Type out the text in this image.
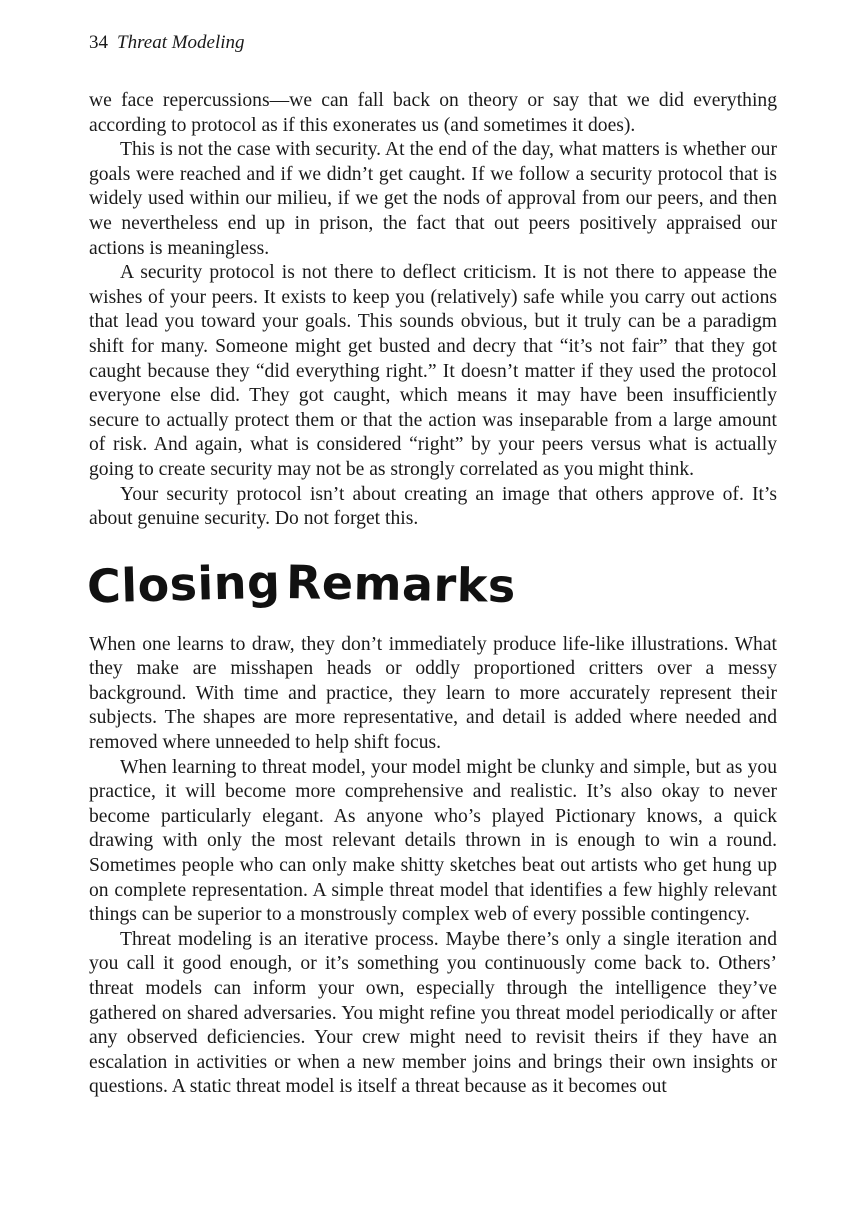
34 Threat Modeling

we face repercussions—we can fall back on theory or say that we did everything according to protocol as if this exonerates us (and sometimes it does).

This is not the case with security. At the end of the day, what matters is whether our goals were reached and if we didn’t get caught. If we follow a security protocol that is widely used within our milieu, if we get the nods of approval from our peers, and then we nevertheless end up in prison, the fact that out peers positively appraised our actions is meaningless.

A security protocol is not there to deflect criticism. It is not there to appease the wishes of your peers. It exists to keep you (relatively) safe while you carry out actions that lead you toward your goals. This sounds obvious, but it truly can be a paradigm shift for many. Someone might get busted and decry that “it’s not fair” that they got caught because they “did everything right.” It doesn’t matter if they used the protocol everyone else did. They got caught, which means it may have been insufficiently secure to actually protect them or that the action was inseparable from a large amount of risk. And again, what is considered “right” by your peers versus what is actually going to create security may not be as strongly correlated as you might think.

Your security protocol isn’t about creating an image that others approve of. It’s about genuine security. Do not forget this.

Closing Remarks

When one learns to draw, they don’t immediately produce life-like illustrations. What they make are misshapen heads or oddly proportioned critters over a messy background. With time and practice, they learn to more accurately represent their subjects. The shapes are more representative, and detail is added where needed and removed where unneeded to help shift focus.

When learning to threat model, your model might be clunky and simple, but as you practice, it will become more comprehensive and realistic. It’s also okay to never become particularly elegant. As anyone who’s played Pictionary knows, a quick drawing with only the most relevant details thrown in is enough to win a round. Sometimes people who can only make shitty sketches beat out artists who get hung up on complete representation. A simple threat model that identifies a few highly relevant things can be superior to a monstrously complex web of every possible contingency.

Threat modeling is an iterative process. Maybe there’s only a single iteration and you call it good enough, or it’s something you continuously come back to. Others’ threat models can inform your own, especially through the intelligence they’ve gathered on shared adversaries. You might refine you threat model periodically or after any observed deficiencies. Your crew might need to revisit theirs if they have an escalation in activities or when a new member joins and brings their own insights or questions. A static threat model is itself a threat because as it becomes out
